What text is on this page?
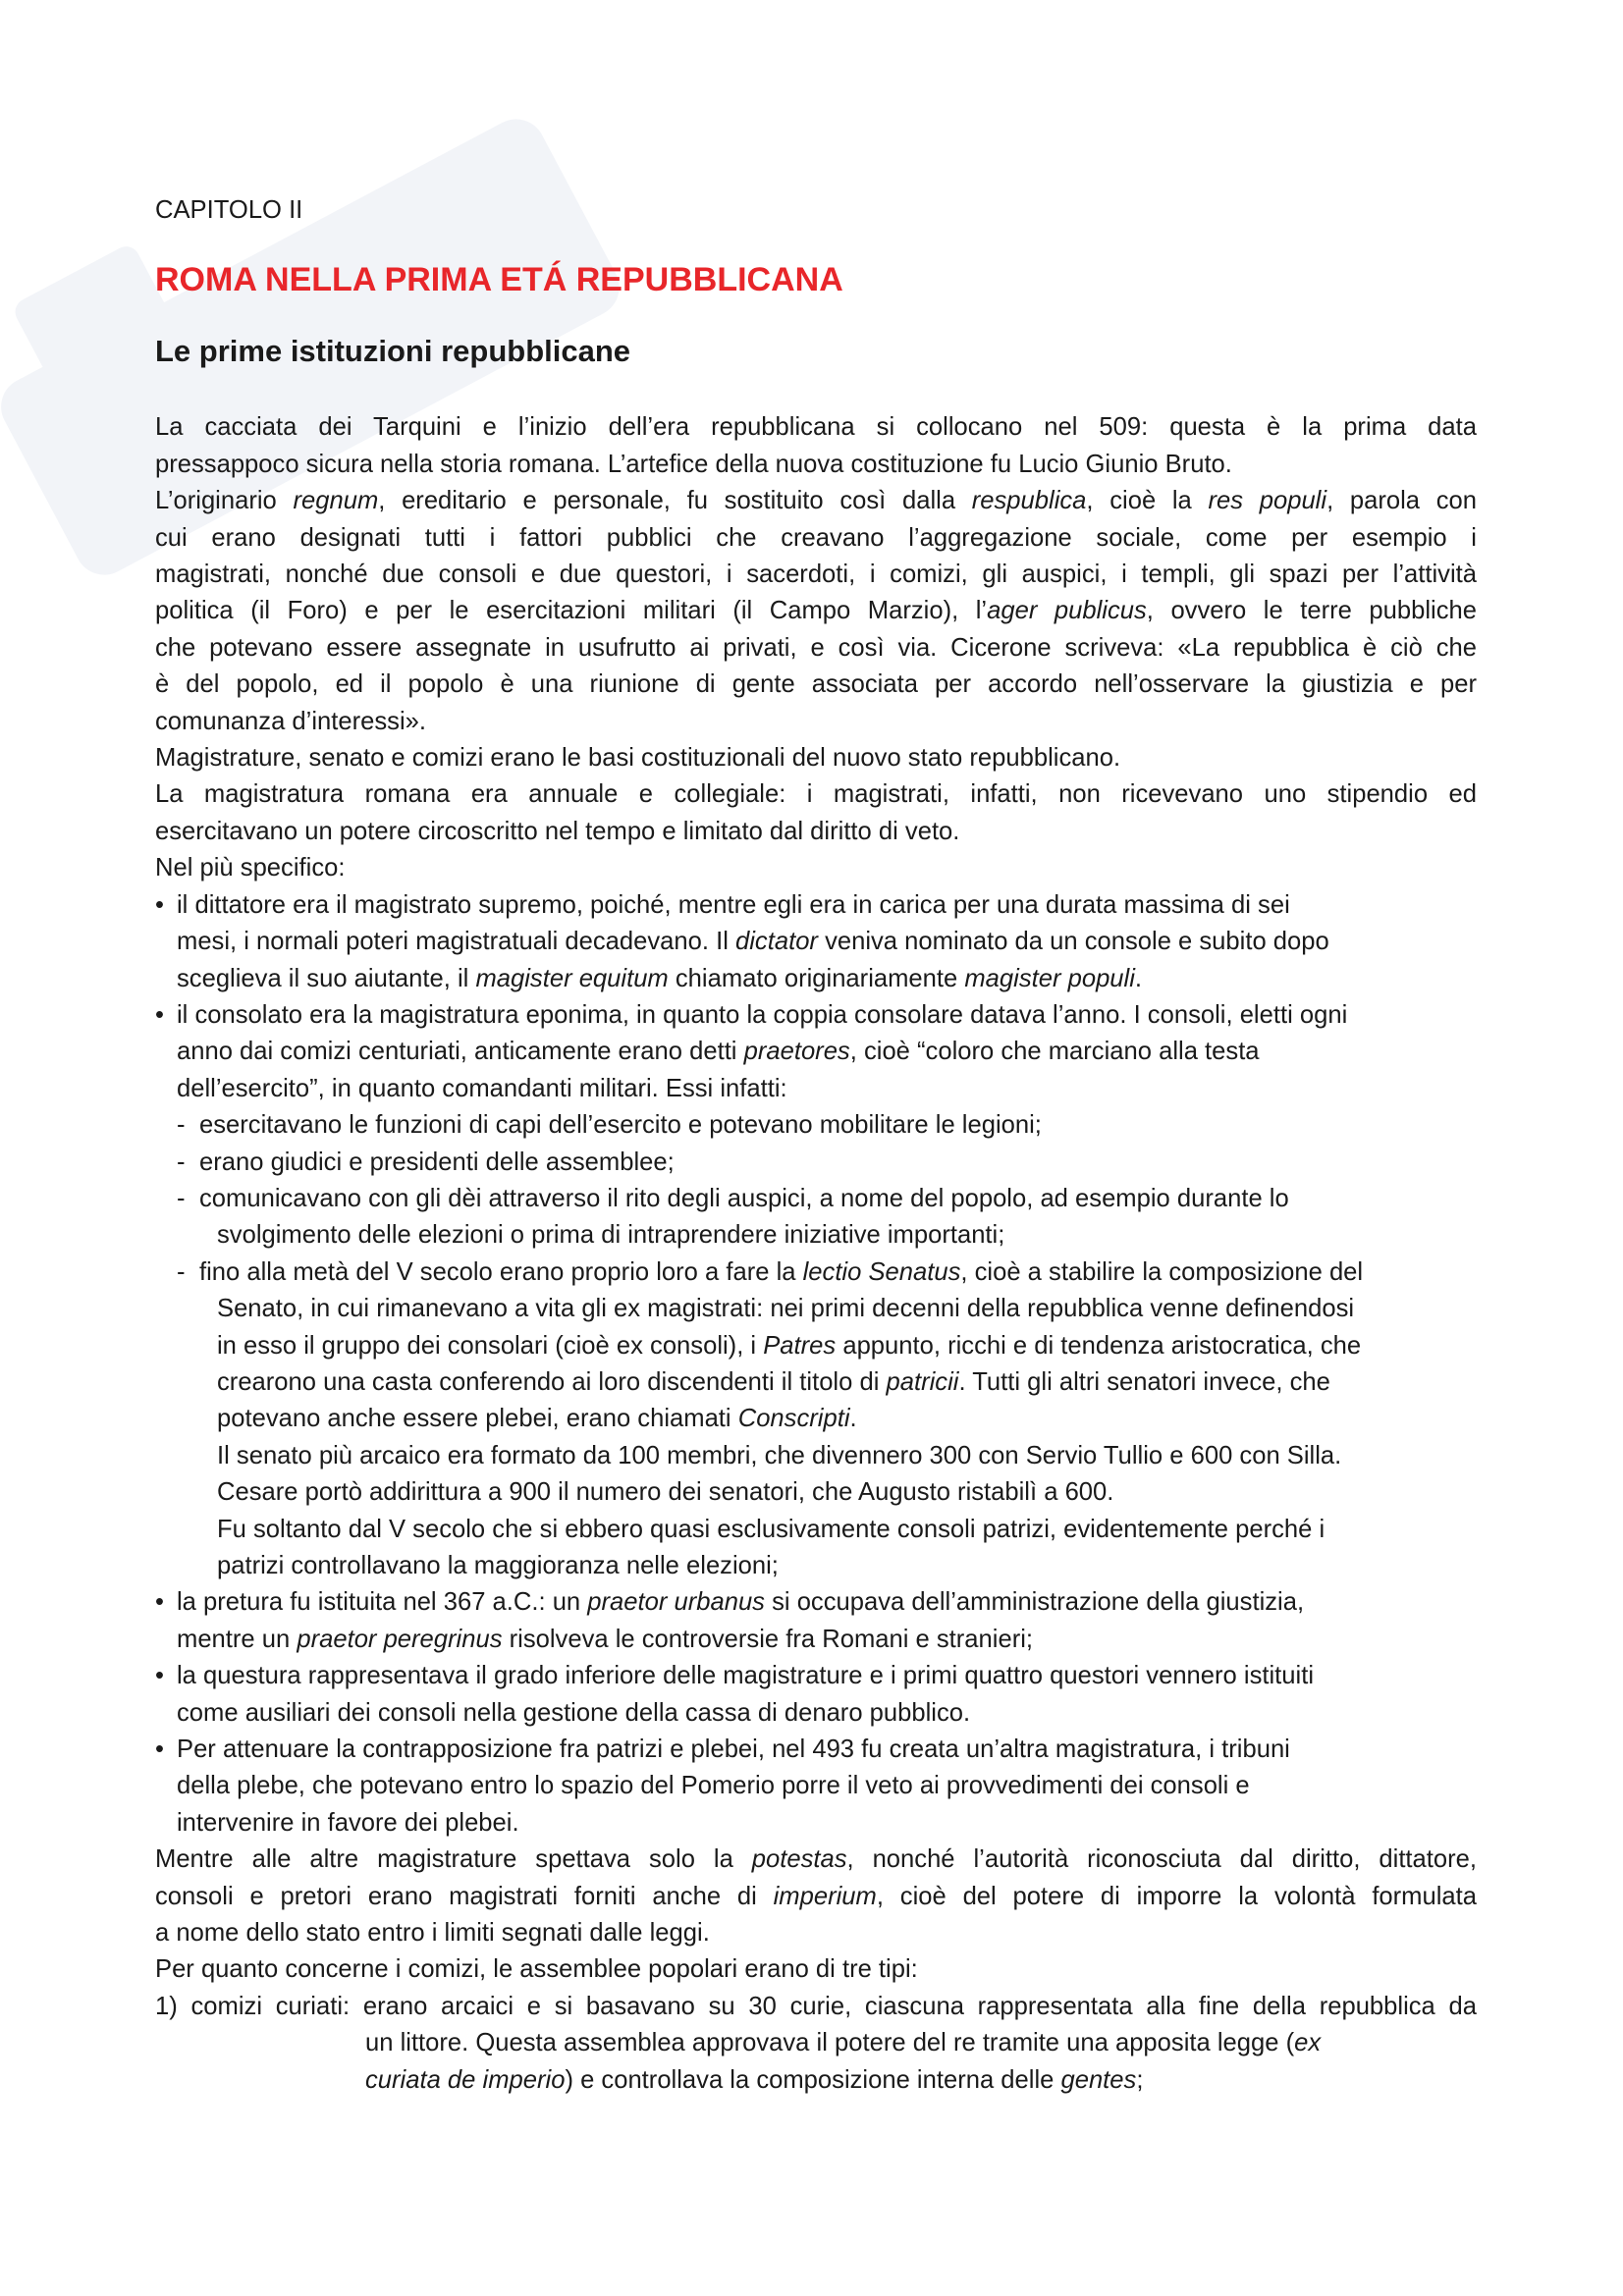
CAPITOLO II

ROMA NELLA PRIMA ETÁ REPUBBLICANA
Le prime istituzioni repubblicane

La cacciata dei Tarquini e l’inizio dell’era repubblicana si collocano nel 509: questa è la prima data
pressappoco sicura nella storia romana. L’artefice della nuova costituzione fu Lucio Giunio Bruto.

L’originario regnum, ereditario e personale, fu sostituito così dalla respublica, cioè la res populi, parola con
cui erano designati tutti i fattori pubblici che creavano l’aggregazione sociale, come per esempio i
magistrati, nonché due consoli e due questori, i sacerdoti, i comizi, gli auspici, i templi, gli spazi per l’attività
politica (il Foro) e per le esercitazioni militari (il Campo Marzio), l’ager publicus, ovvero le terre pubbliche
che potevano essere assegnate in usufrutto ai privati, e così via. Cicerone scriveva: «La repubblica è ciò che
è del popolo, ed il popolo è una riunione di gente associata per accordo nell’osservare la giustizia e per
comunanza d’interessi».

Magistrature, senato e comizi erano le basi costituzionali del nuovo stato repubblicano.

La magistratura romana era annuale e collegiale: i magistrati, infatti, non ricevevano uno stipendio ed
esercitavano un potere circoscritto nel tempo e limitato dal diritto di veto.

Nel più specifico:

• il dittatore era il magistrato supremo, poiché, mentre egli era in carica per una durata massima di sei
mesi, i normali poteri magistratuali decadevano. Il dictator veniva nominato da un console e subito dopo
sceglieva il suo aiutante, il magister equitum chiamato originariamente magister populi.
• il consolato era la magistratura eponima, in quanto la coppia consolare datava l’anno. I consoli, eletti ogni
anno dai comizi centuriati, anticamente erano detti praetores, cioè “coloro che marciano alla testa
dell’esercito”, in quanto comandanti militari. Essi infatti:
- esercitavano le funzioni di capi dell’esercito e potevano mobilitare le legioni;
- erano giudici e presidenti delle assemblee;
- comunicavano con gli dèi attraverso il rito degli auspici, a nome del popolo, ad esempio durante lo
svolgimento delle elezioni o prima di intraprendere iniziative importanti;
- fino alla metà del V secolo erano proprio loro a fare la lectio Senatus, cioè a stabilire la composizione del
Senato, in cui rimanevano a vita gli ex magistrati: nei primi decenni della repubblica venne definendosi
in esso il gruppo dei consolari (cioè ex consoli), i Patres appunto, ricchi e di tendenza aristocratica, che
crearono una casta conferendo ai loro discendenti il titolo di patricii. Tutti gli altri senatori invece, che
potevano anche essere plebei, erano chiamati Conscripti.
Il senato più arcaico era formato da 100 membri, che divennero 300 con Servio Tullio e 600 con Silla.
Cesare portò addirittura a 900 il numero dei senatori, che Augusto ristabilì a 600.
Fu soltanto dal V secolo che si ebbero quasi esclusivamente consoli patrizi, evidentemente perché i
patrizi controllavano la maggioranza nelle elezioni;
• la pretura fu istituita nel 367 a.C.: un praetor urbanus si occupava dell’amministrazione della giustizia,
mentre un praetor peregrinus risolveva le controversie fra Romani e stranieri;
• la questura rappresentava il grado inferiore delle magistrature e i primi quattro questori vennero istituiti
come ausiliari dei consoli nella gestione della cassa di denaro pubblico.
• Per attenuare la contrapposizione fra patrizi e plebei, nel 493 fu creata un’altra magistratura, i tribuni
della plebe, che potevano entro lo spazio del Pomerio porre il veto ai provvedimenti dei consoli e
intervenire in favore dei plebei.

Mentre alle altre magistrature spettava solo la potestas, nonché l’autorità riconosciuta dal diritto, dittatore,
consoli e pretori erano magistrati forniti anche di imperium, cioè del potere di imporre la volontà formulata
a nome dello stato entro i limiti segnati dalle leggi.

Per quanto concerne i comizi, le assemblee popolari erano di tre tipi:

1) comizi curiati: erano arcaici e si basavano su 30 curie, ciascuna rappresentata alla fine della repubblica da
un littore. Questa assemblea approvava il potere del re tramite una apposita legge (ex
curiata de imperio) e controllava la composizione interna delle gentes;
